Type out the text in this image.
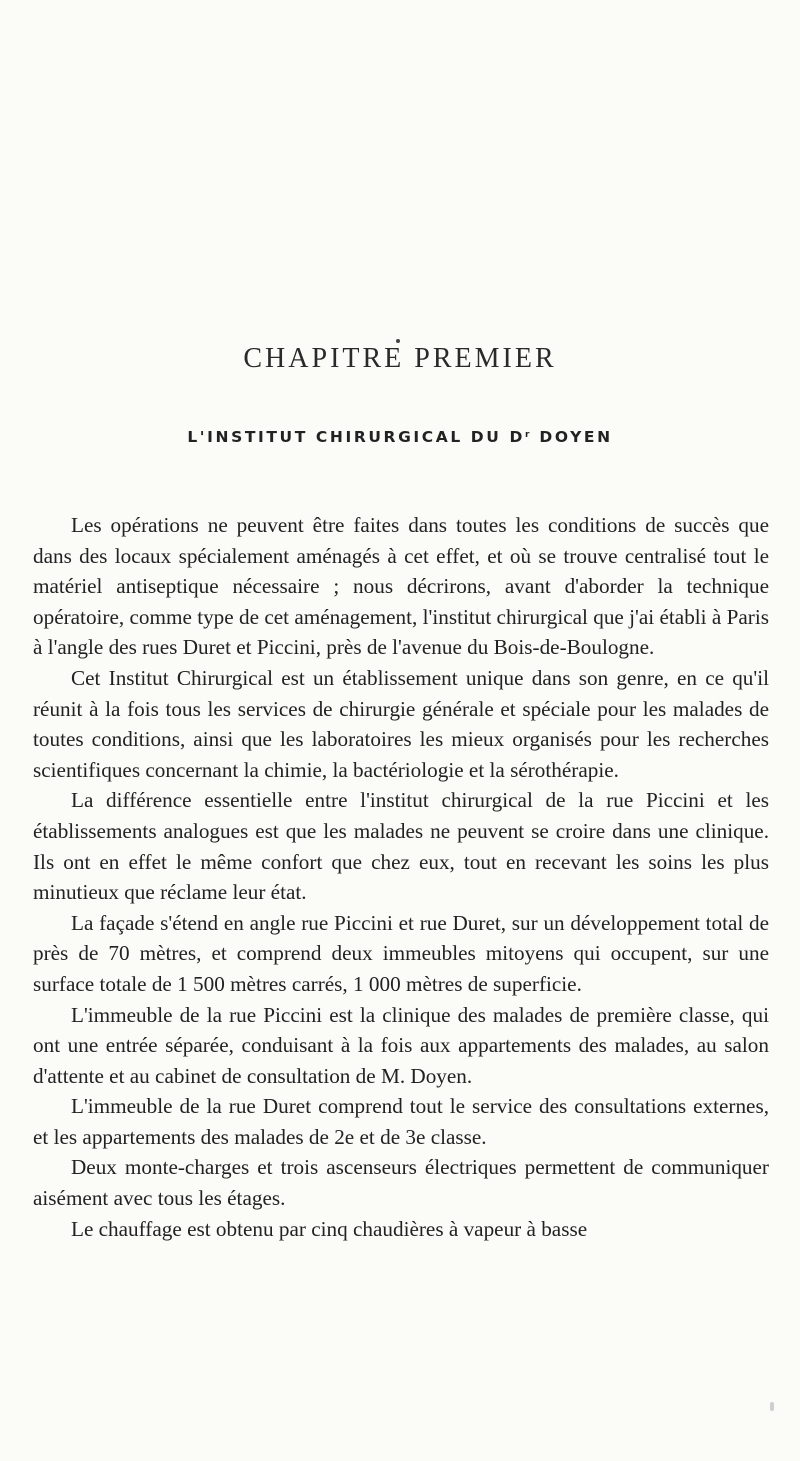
CHAPITRE PREMIER
L'INSTITUT CHIRURGICAL DU $D^r$ DOYEN

Les opérations ne peuvent être faites dans toutes les conditions de succès que dans des locaux spécialement aménagés à cet effet, et où se trouve centralisé tout le matériel antiseptique nécessaire ; nous décrirons, avant d'aborder la technique opératoire, comme type de cet aménagement, l'institut chirurgical que j'ai établi à Paris à l'angle des rues Duret et Piccini, près de l'avenue du Bois-de-Boulogne.

Cet Institut Chirurgical est un établissement unique dans son genre, en ce qu'il réunit à la fois tous les services de chirurgie générale et spéciale pour les malades de toutes conditions, ainsi que les laboratoires les mieux organisés pour les recherches scientifiques concernant la chimie, la bactériologie et la sérothérapie.

La différence essentielle entre l'institut chirurgical de la rue Piccini et les établissements analogues est que les malades ne peuvent se croire dans une clinique. Ils ont en effet le même confort que chez eux, tout en recevant les soins les plus minutieux que réclame leur état.

La façade s'étend en angle rue Piccini et rue Duret, sur un développement total de près de 70 mètres, et comprend deux immeubles mitoyens qui occupent, sur une surface totale de 1 500 mètres carrés, 1 000 mètres de superficie.

L'immeuble de la rue Piccini est la clinique des malades de première classe, qui ont une entrée séparée, conduisant à la fois aux appartements des malades, au salon d'attente et au cabinet de consultation de M. Doyen.

L'immeuble de la rue Duret comprend tout le service des consultations externes, et les appartements des malades de 2e et de 3e classe.

Deux monte-charges et trois ascenseurs électriques permettent de communiquer aisément avec tous les étages.

Le chauffage est obtenu par cinq chaudières à vapeur à basse
